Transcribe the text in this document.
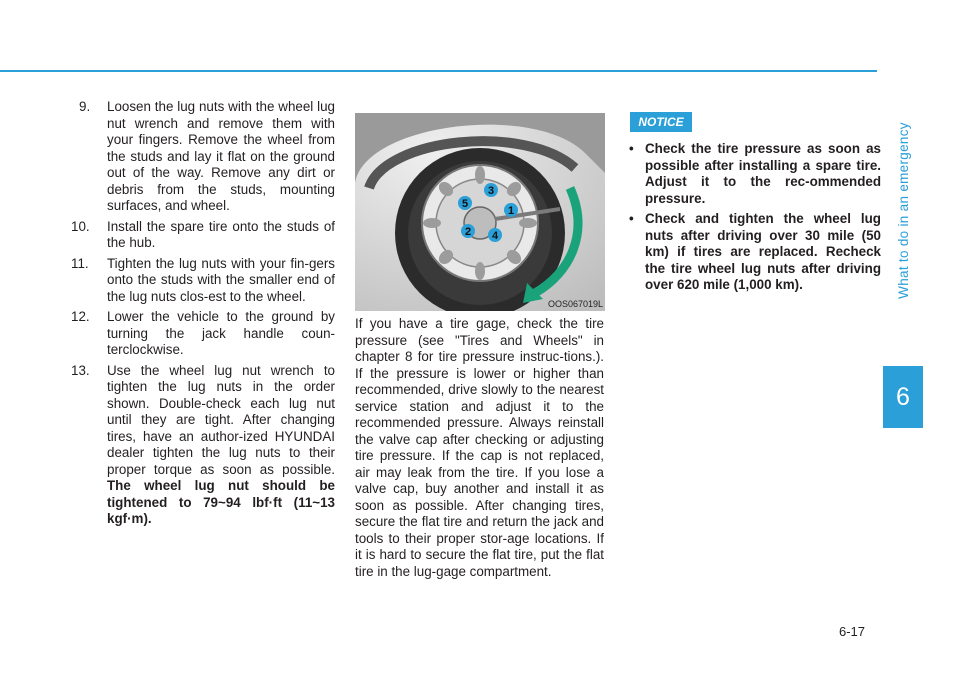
What to do in an emergency
6
6-17
9. Loosen the lug nuts with the wheel lug nut wrench and remove them with your fingers. Remove the wheel from the studs and lay it flat on the ground out of the way. Remove any dirt or debris from the studs, mounting surfaces, and wheel.
10. Install the spare tire onto the studs of the hub.
11. Tighten the lug nuts with your fin-gers onto the studs with the smaller end of the lug nuts clos-est to the wheel.
12. Lower the vehicle to the ground by turning the jack handle coun-terclockwise.
13. Use the wheel lug nut wrench to tighten the lug nuts in the order shown. Double-check each lug nut until they are tight. After changing tires, have an author-ized HYUNDAI dealer tighten the lug nuts to their proper torque as soon as possible. The wheel lug nut should be tightened to 79~94 lbf·ft (11~13 kgf·m).
1
2
3
4
5
OOS067019L
If you have a tire gage, check the tire pressure (see "Tires and Wheels" in chapter 8 for tire pressure instruc-tions.). If the pressure is lower or higher than recommended, drive slowly to the nearest service station and adjust it to the recommended pressure. Always reinstall the valve cap after checking or adjusting tire pressure. If the cap is not replaced, air may leak from the tire. If you lose a valve cap, buy another and install it as soon as possible. After changing tires, secure the flat tire and return the jack and tools to their proper stor-age locations. If it is hard to secure the flat tire, put the flat tire in the lug-gage compartment.
NOTICE
• Check the tire pressure as soon as possible after installing a spare tire. Adjust it to the rec-ommended pressure.
• Check and tighten the wheel lug nuts after driving over 30 mile (50 km) if tires are replaced. Recheck the tire wheel lug nuts after driving over 620 mile (1,000 km).
